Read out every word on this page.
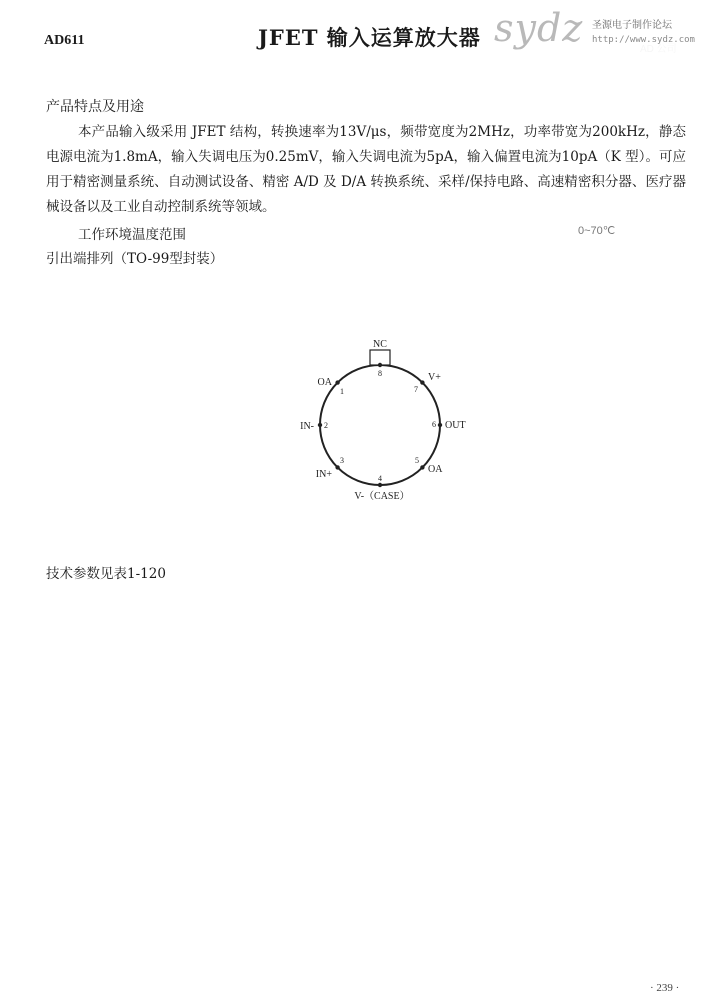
AD611	JFET 输入运算放大器 sydz 圣源电子制作论坛
http://www.sydz.com
产品特点及用途
本产品输入级采用 JFET 结构，转换速率为13V/μs，频带宽度为2MHz，功率带宽为200kHz，静态电源电流为1.8mA，输入失调电压为0.25mV，输入失调电流为5pA，输入偏置电流为10pA（K 型）。可应用于精密测量系统、自动测试设备、精密 A/D 及 D/A 转换系统、采样/保持电路、高速精密积分器、医疗器械设备以及工业自动控制系统等领域。
工作环境温度范围	0~70℃
引出端排列（TO-99型封装）
NC
1
OA
2
IN-
3
IN+	4
V-（CASE）
5
OA
6 OUT
7
V+
8
技术参数见表1-120
· 239 ·
